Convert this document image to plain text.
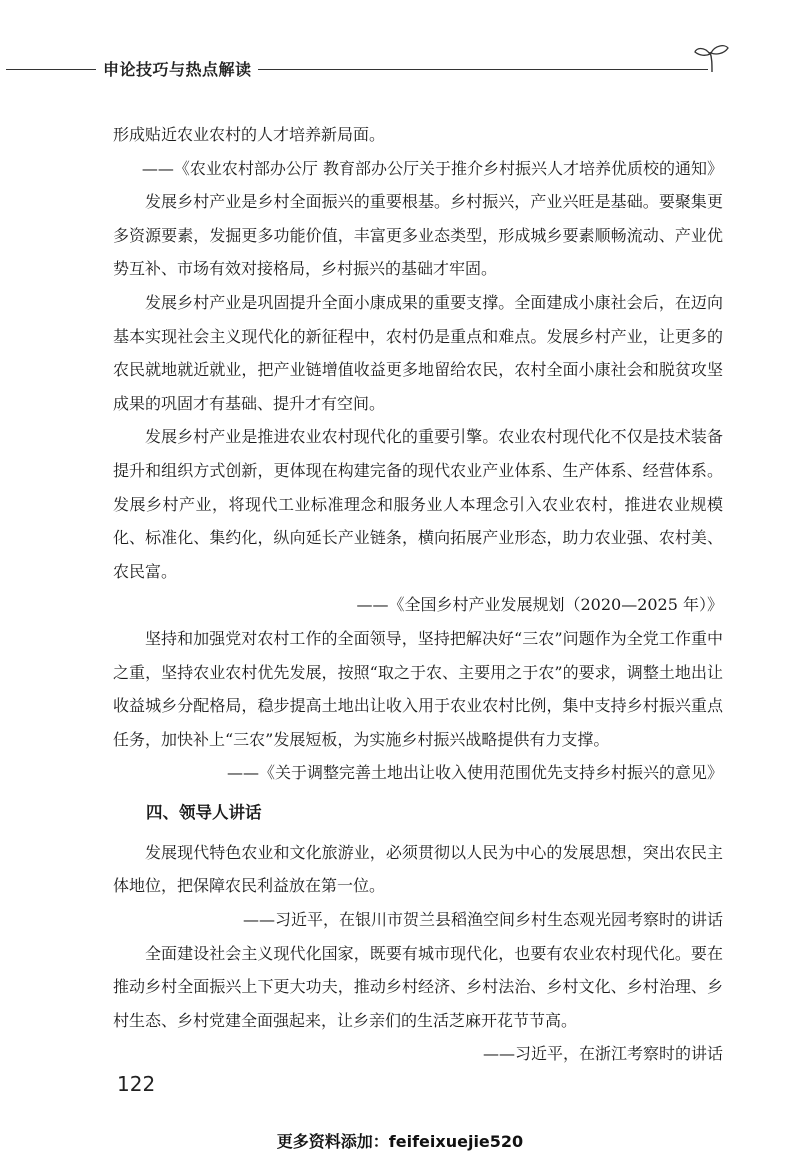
申论技巧与热点解读

形成贴近农业农村的人才培养新局面。

——《农业农村部办公厅 教育部办公厅关于推介乡村振兴人才培养优质校的通知》

发展乡村产业是乡村全面振兴的重要根基。乡村振兴，产业兴旺是基础。要聚集更多资源要素，发掘更多功能价值，丰富更多业态类型，形成城乡要素顺畅流动、产业优势互补、市场有效对接格局，乡村振兴的基础才牢固。

发展乡村产业是巩固提升全面小康成果的重要支撑。全面建成小康社会后，在迈向基本实现社会主义现代化的新征程中，农村仍是重点和难点。发展乡村产业，让更多的农民就地就近就业，把产业链增值收益更多地留给农民，农村全面小康社会和脱贫攻坚成果的巩固才有基础、提升才有空间。

发展乡村产业是推进农业农村现代化的重要引擎。农业农村现代化不仅是技术装备提升和组织方式创新，更体现在构建完备的现代农业产业体系、生产体系、经营体系。发展乡村产业，将现代工业标准理念和服务业人本理念引入农业农村，推进农业规模化、标准化、集约化，纵向延长产业链条，横向拓展产业形态，助力农业强、农村美、农民富。

——《全国乡村产业发展规划（2020—2025 年）》

坚持和加强党对农村工作的全面领导，坚持把解决好“三农”问题作为全党工作重中之重，坚持农业农村优先发展，按照“取之于农、主要用之于农”的要求，调整土地出让收益城乡分配格局，稳步提高土地出让收入用于农业农村比例，集中支持乡村振兴重点任务，加快补上“三农”发展短板，为实施乡村振兴战略提供有力支撑。

——《关于调整完善土地出让收入使用范围优先支持乡村振兴的意见》

四、领导人讲话

发展现代特色农业和文化旅游业，必须贯彻以人民为中心的发展思想，突出农民主体地位，把保障农民利益放在第一位。

——习近平，在银川市贺兰县稻渔空间乡村生态观光园考察时的讲话

全面建设社会主义现代化国家，既要有城市现代化，也要有农业农村现代化。要在推动乡村全面振兴上下更大功夫，推动乡村经济、乡村法治、乡村文化、乡村治理、乡村生态、乡村党建全面强起来，让乡亲们的生活芝麻开花节节高。

——习近平，在浙江考察时的讲话

122
更多资料添加：feifeixuejie520
